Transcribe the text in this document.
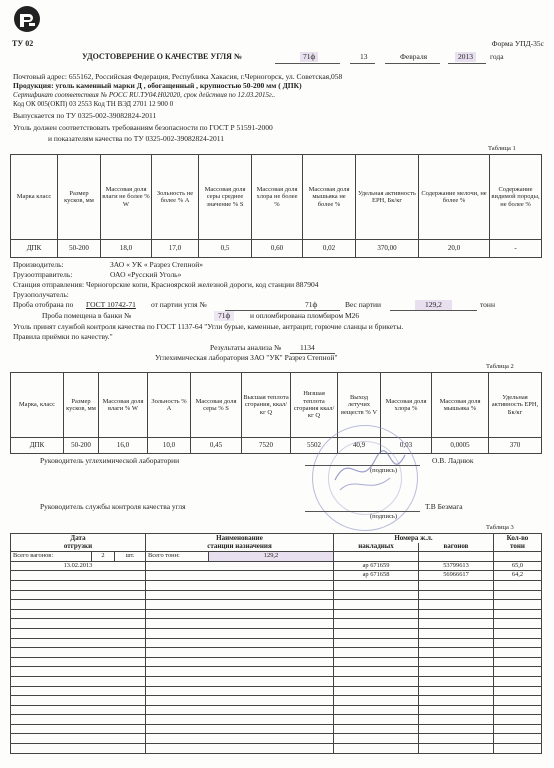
ТУ 02	Форма УПД-35с
УДОСТОВЕРЕНИЕ О КАЧЕСТВЕ УГЛЯ №	71ф	13	Февраля	2013	года
Почтовый адрес: 655162, Российская Федерация, Республика Хакасия, г.Черногорск, ул. Советская,058
Продукция: уголь каменный марки Д , обогащенный , крупностью 50-200 мм ( ДПК)
Сертификат соответствия № РОСС RU.ТУ04.Н02020, срок действия по 12.03.2015г..
Код ОК 005(ОКП) 03 2553 Код ТН ВЭД 2701 12 900 0
Выпускается по ТУ 0325-002-39082824-2011
Уголь должен соответствовать требованиям безопасности по ГОСТ Р 51591-2000
и показателям качества по ТУ 0325-002-39082824-2011
Таблица 1
Марка класс	Размер кусков, мм	Массовая доля влаги не более % W	Зольность не более % A	Массовая доля серы среднее значение % S	Массовая доля хлора не более %	Массовая доля мышьяка не более %	Удельная активность ЕРН, Бк/кг	Содержание мелочи, не более %	Содержание видимой породы, не более %
ДПК	50-200	18,0	17,0	0,5	0,60	0,02	370,00	20,0	-
Производитель:	ЗАО « УК « Разрез Степной»
Грузоотправитель:	ОАО «Русский Уголь»
Станция отправления: Черногорские копи, Красноярской железной дороги, код станции 887904
Грузополучатель:
Проба отобрана по ГОСТ 10742-71 от партии угля №	71ф	Вес партии	129,2	тонн
Проба помещена в банки №	71ф	и опломбирована пломбиром М26
Уголь принят службой контроля качества по ГОСТ 1137-64 "Угли бурые, каменные, антрацит, горючие сланцы и брикеты.
Правила приёмки по качеству."
Результаты анализа №	1134
Углехимическая лаборатория ЗАО "УК" Разрез Степной"
Таблица 2
Марка, класс	Размер кусков, мм	Массовая доля влаги % W	Зольность % A	Массовая доля серы % S	Высшая теплота сгорания, ккал/кг Q	Низшая теплота сгорания ккал/кг Q	Выход летучих веществ % V	Массовая доля хлора %	Массовая доля мышьяка %	Удельная активность ЕРН, Бк/кг
ДПК	50-200	16,0	10,0	0,45	7520	5502	40,9	0,03	0,0005	370
Руководитель углехимической лаборатории	О.В. Ладнюк
(подпись)
Руководитель службы контроля качества угля	Т.В Безмага
(подпись)
Таблица 3
Дата			Наименование		Номера ж.л.		Кол-во
отгрузки			станции назначения		накладных	вагонов	тонн
Всего вагонов:	2	шт.	Всего тонн:	129,2			
13.02.2013					ар 671659	53799613	65,0
					ар 671658	56966617	64,2
